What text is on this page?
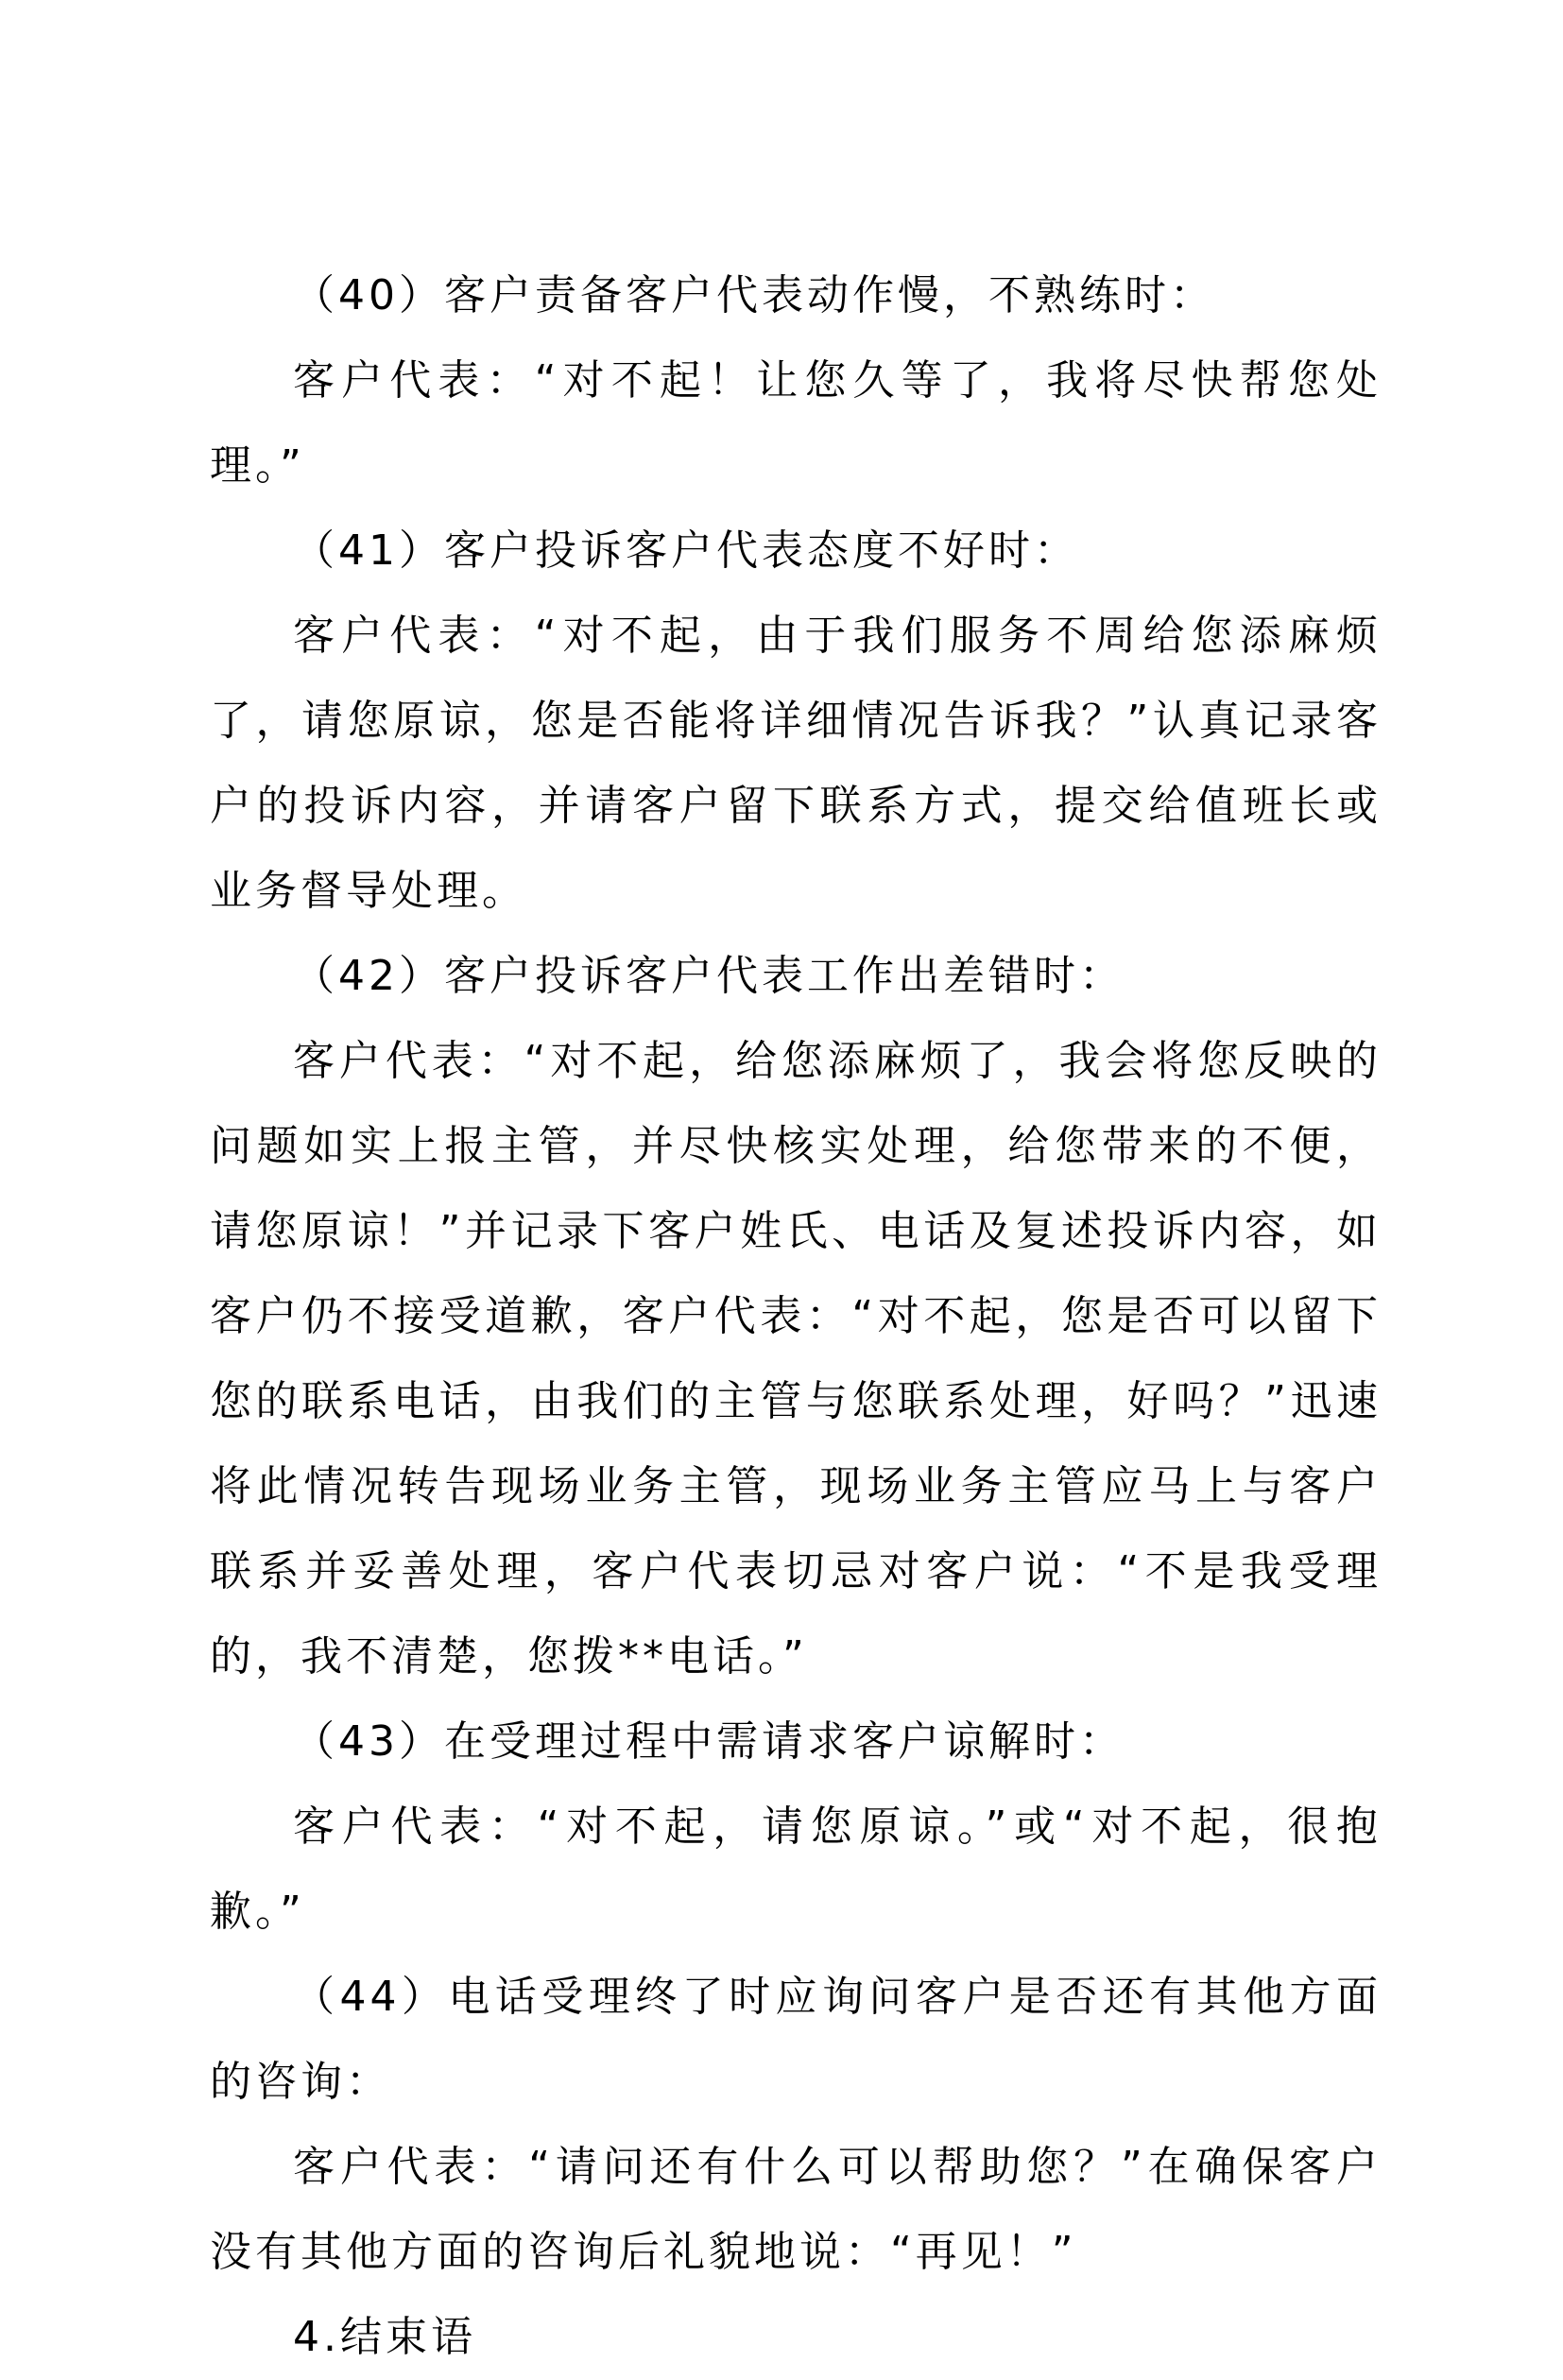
（40）客户责备客户代表动作慢，不熟练时：

客户代表：“对不起！让您久等了，我将尽快帮您处理。”

（41）客户投诉客户代表态度不好时：

客户代表：“对不起，由于我们服务不周给您添麻烦了，请您原谅，您是否能将详细情况告诉我？”认真记录客户的投诉内容，并请客户留下联系方式，提交给值班长或业务督导处理。

（42）客户投诉客户代表工作出差错时：

客户代表：“对不起，给您添麻烦了，我会将您反映的问题如实上报主管，并尽快核实处理，给您带来的不便，请您原谅！”并记录下客户姓氏、电话及复述投诉内容，如客户仍不接受道歉，客户代表：“对不起，您是否可以留下您的联系电话，由我们的主管与您联系处理，好吗？”迅速将此情况转告现场业务主管，现场业务主管应马上与客户联系并妥善处理，客户代表切忌对客户说：“不是我受理的，我不清楚，您拨**电话。”

（43）在受理过程中需请求客户谅解时：

客户代表：“对不起，请您原谅。”或“对不起，很抱歉。”

（44）电话受理终了时应询问客户是否还有其他方面的咨询：

客户代表：“请问还有什么可以帮助您？”在确保客户没有其他方面的咨询后礼貌地说：“再见！”

4.结束语
